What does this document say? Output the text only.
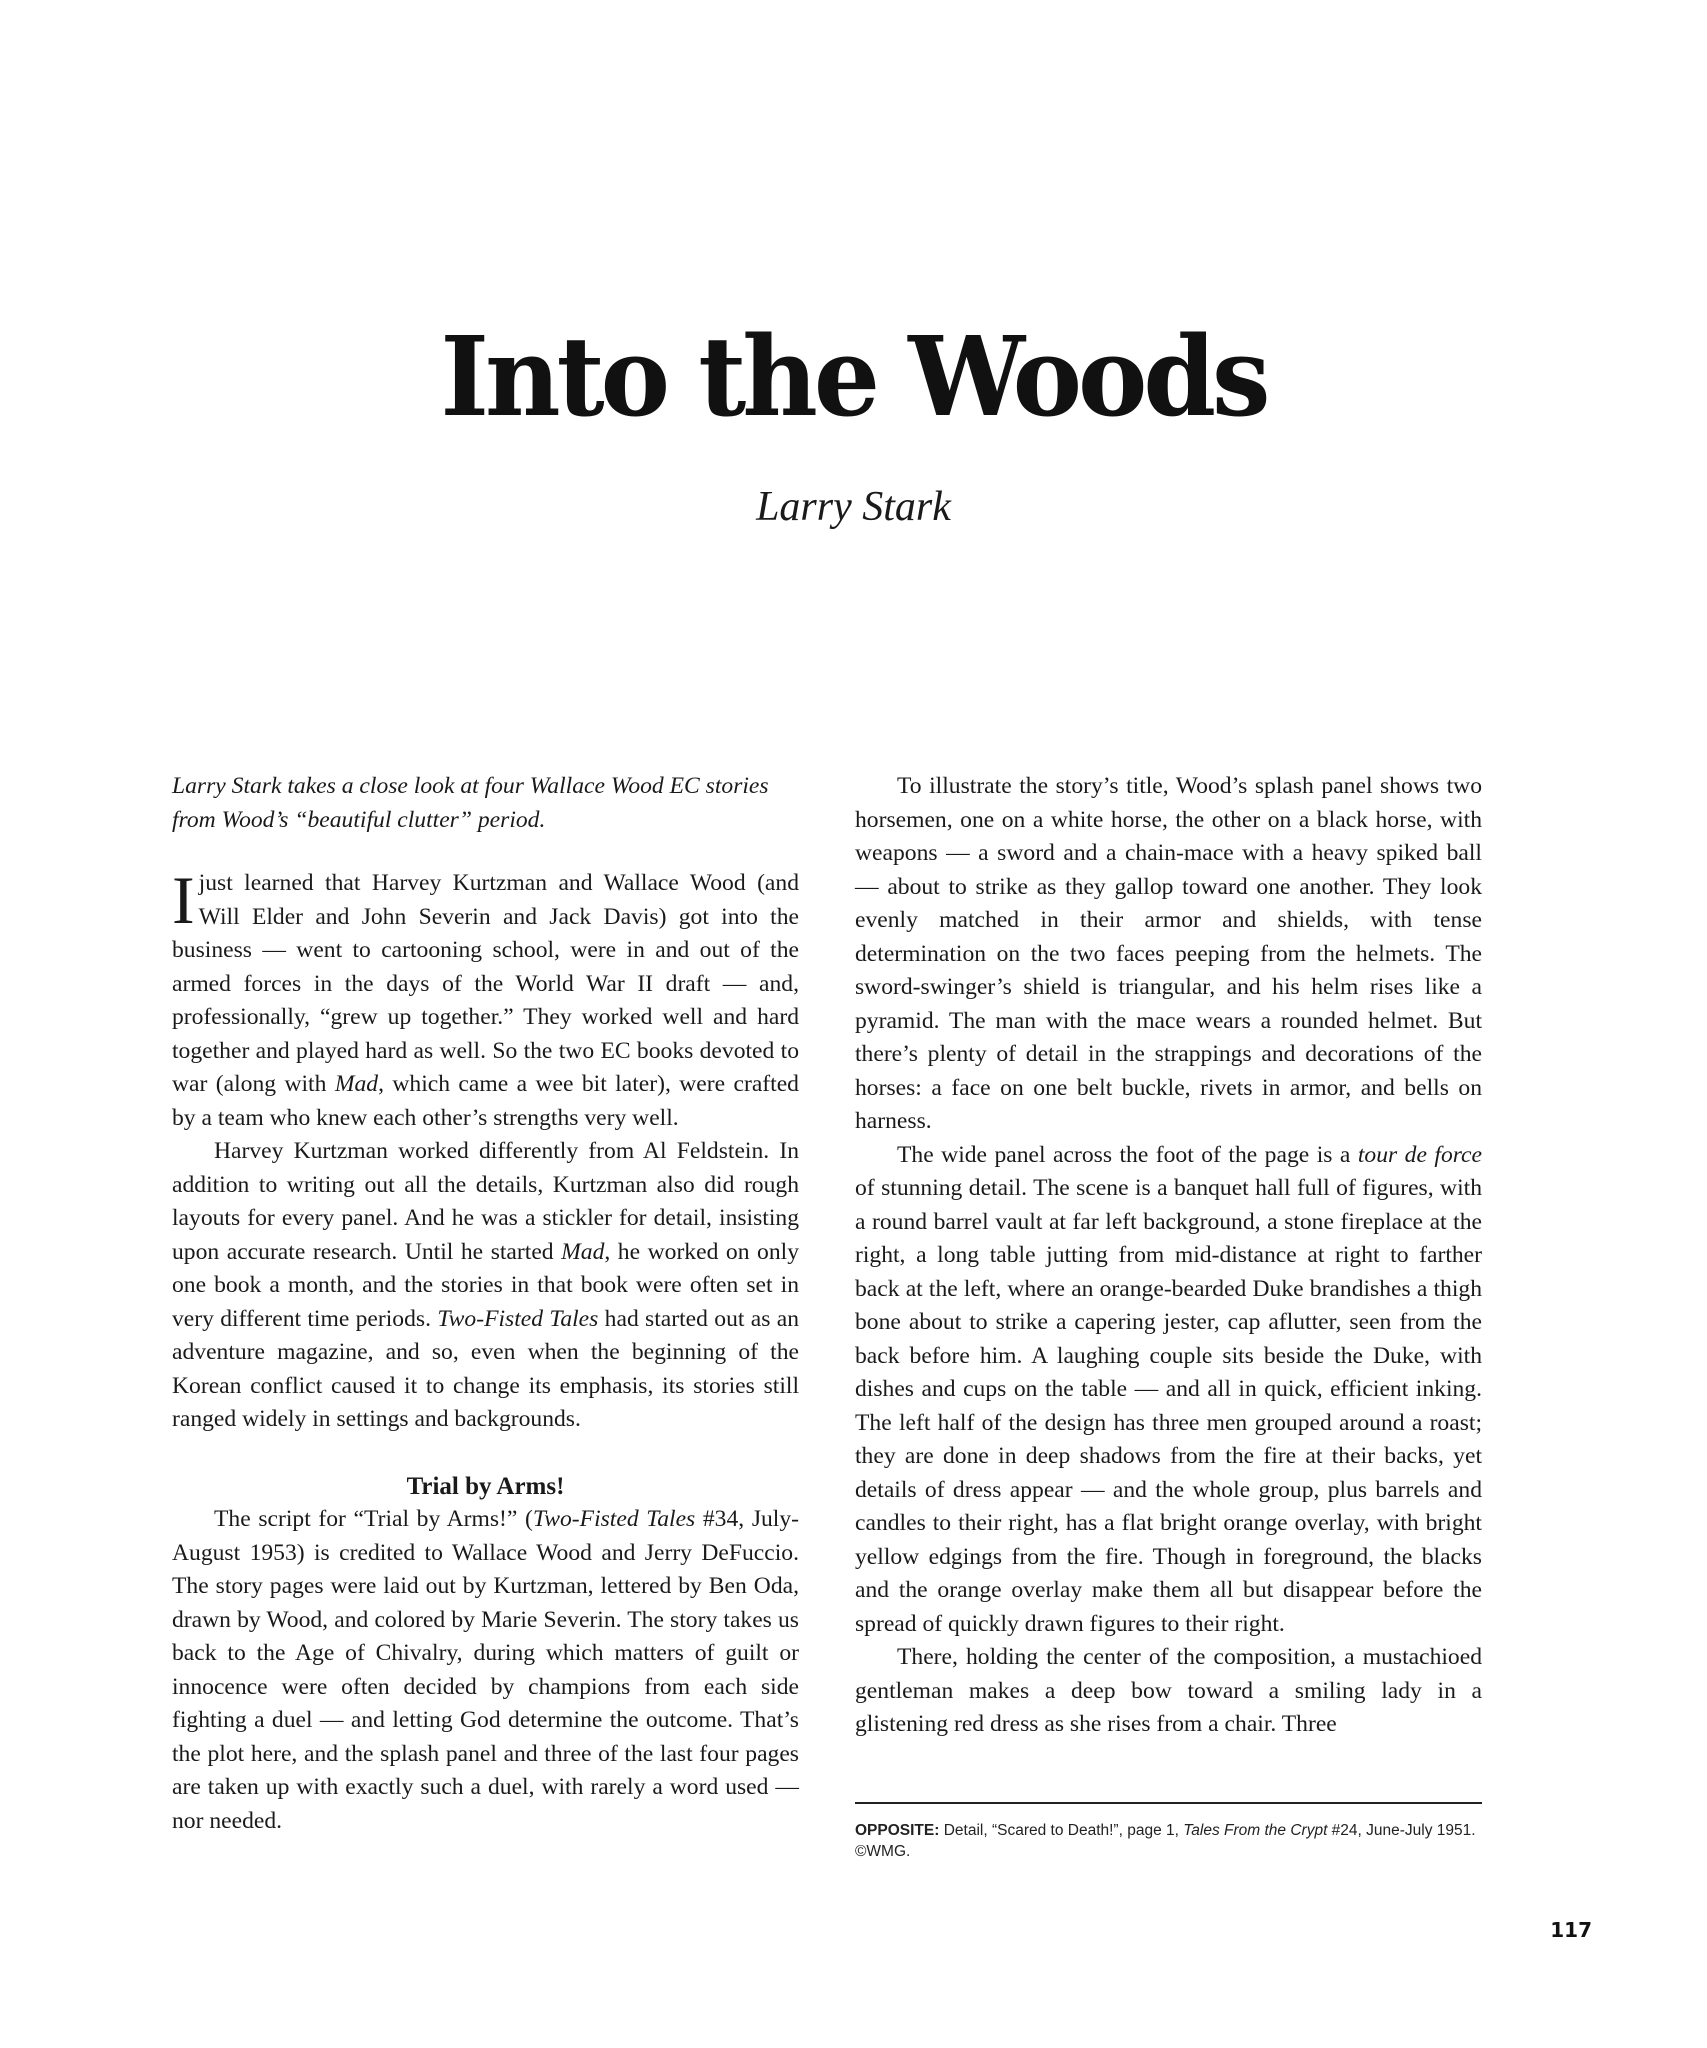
Into the Woods
Larry Stark

Larry Stark takes a close look at four Wallace Wood EC stories from Wood’s “beautiful clutter” period.

Ijust learned that Harvey Kurtzman and Wallace Wood (and Will Elder and John Severin and Jack Davis) got into the business — went to cartooning school, were in and out of the armed forces in the days of the World War II draft — and, professionally, “grew up together.” They worked well and hard together and played hard as well. So the two EC books devoted to war (along with Mad, which came a wee bit later), were crafted by a team who knew each other’s strengths very well.

Harvey Kurtzman worked differently from Al Feldstein. In addition to writing out all the details, Kurtzman also did rough layouts for every panel. And he was a stickler for detail, insisting upon accurate research. Until he started Mad, he worked on only one book a month, and the stories in that book were often set in very different time periods. Two-Fisted Tales had started out as an adventure magazine, and so, even when the beginning of the Korean conflict caused it to change its emphasis, its stories still ranged widely in settings and backgrounds.

Trial by Arms!

The script for “Trial by Arms!” (Two-Fisted Tales #34, July-August 1953) is credited to Wallace Wood and Jerry DeFuccio. The story pages were laid out by Kurtzman, lettered by Ben Oda, drawn by Wood, and colored by Marie Severin. The story takes us back to the Age of Chivalry, during which matters of guilt or innocence were often decided by champions from each side fighting a duel — and letting God determine the outcome. That’s the plot here, and the splash panel and three of the last four pages are taken up with exactly such a duel, with rarely a word used — nor needed.

To illustrate the story’s title, Wood’s splash panel shows two horsemen, one on a white horse, the other on a black horse, with weapons — a sword and a chain-mace with a heavy spiked ball — about to strike as they gallop toward one another. They look evenly matched in their armor and shields, with tense determination on the two faces peeping from the helmets. The sword-swinger’s shield is triangular, and his helm rises like a pyramid. The man with the mace wears a rounded helmet. But there’s plenty of detail in the strappings and decorations of the horses: a face on one belt buckle, rivets in armor, and bells on harness.

The wide panel across the foot of the page is a tour de force of stunning detail. The scene is a banquet hall full of figures, with a round barrel vault at far left background, a stone fireplace at the right, a long table jutting from mid-distance at right to farther back at the left, where an orange-bearded Duke brandishes a thigh bone about to strike a capering jester, cap aflutter, seen from the back before him. A laughing couple sits beside the Duke, with dishes and cups on the table — and all in quick, efficient inking. The left half of the design has three men grouped around a roast; they are done in deep shadows from the fire at their backs, yet details of dress appear — and the whole group, plus barrels and candles to their right, has a flat bright orange overlay, with bright yellow edgings from the fire. Though in foreground, the blacks and the orange overlay make them all but disappear before the spread of quickly drawn figures to their right.

There, holding the center of the composition, a mustachioed gentleman makes a deep bow toward a smiling lady in a glistening red dress as she rises from a chair. Three

OPPOSITE: Detail, “Scared to Death!”, page 1, Tales From the Crypt #24, June-July 1951. ©WMG.
117
